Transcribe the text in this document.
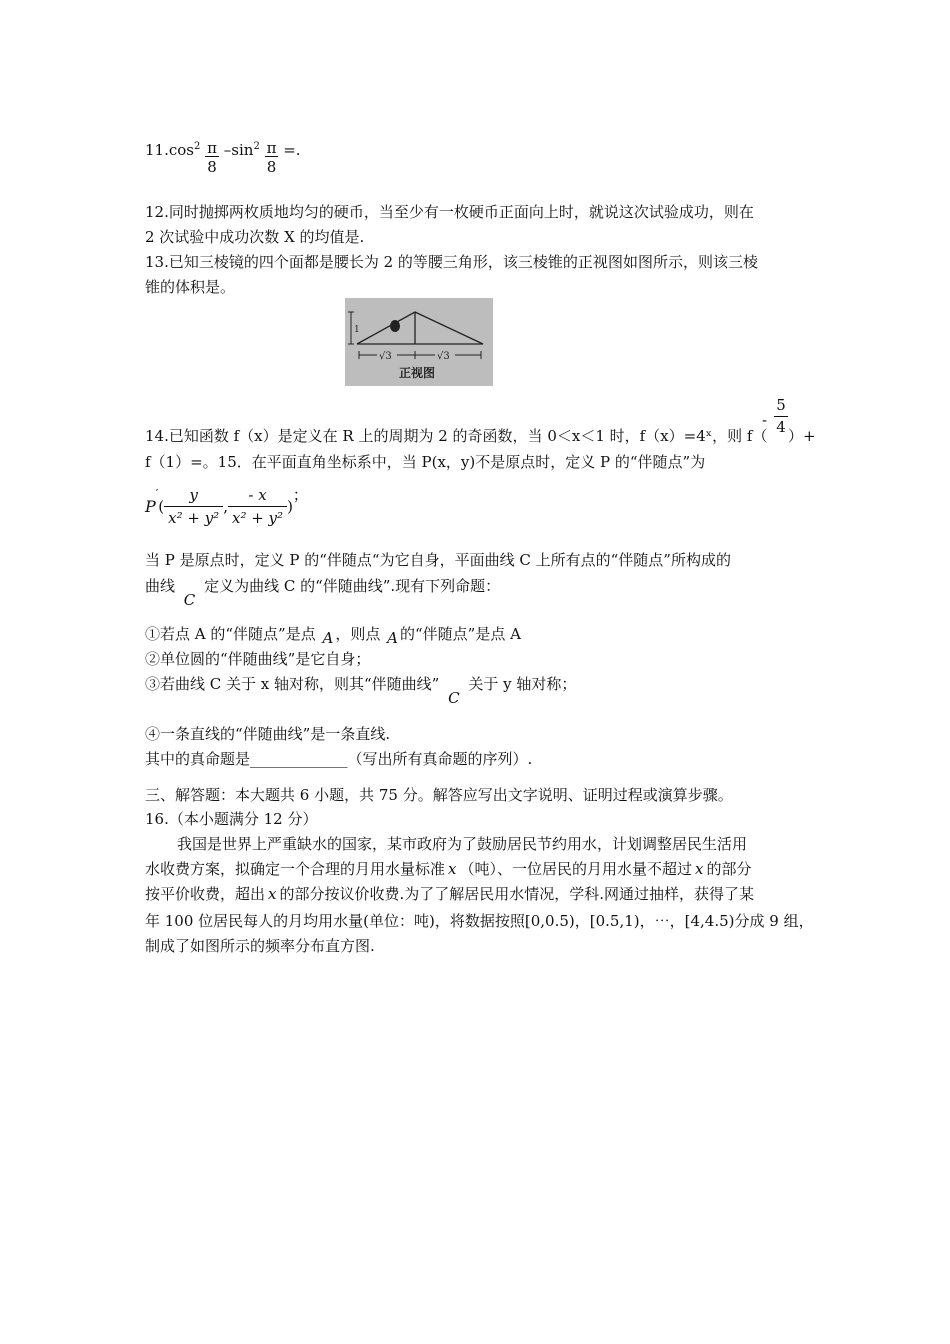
$11.\cos^2 \frac{\pi}{8} -\sin^2 \frac{\pi}{8}$ =.
12.同时抛掷两枚质地均匀的硬币，当至少有一枚硬币正面向上时，就说这次试验成功，则在
2 次试验中成功次数 X 的均值是.
13.已知三棱镜的四个面都是腰长为 2 的等腰三角形，该三棱锥的正视图如图所示，则该三棱
锥的体积是。
1
√3	√3
正视图
14.已知函数 f（x）是定义在 R 上的周期为 2 的奇函数，当 0＜x＜1 时，f（x）=4ˣ，则 f（
- $\frac{5}{4}$
）+
f（1）=。15．在平面直角坐标系中，当 P(x，y)不是原点时，定义 P 的“伴随点”为
$P'( \frac{y}{\text{x² + y²}}$ , $\frac{- x}{\text{x² + y²}}$ )；
当 P 是原点时，定义 P 的“伴随点“为它自身，平面曲线 C 上所有点的“伴随点”所构成的
曲线 C 定义为曲线 C 的“伴随曲线”.现有下列命题：
①若点 A 的“伴随点”是点 A ，则点 A 的“伴随点”是点 A
②单位圆的“伴随曲线”是它自身；
③若曲线 C 关于 x 轴对称，则其“伴随曲线” C 关于 y 轴对称；
④一条直线的“伴随曲线”是一条直线.
其中的真命题是_____________（写出所有真命题的序列）.
三、解答题：本大题共 6 小题，共 75 分。解答应写出文字说明、证明过程或演算步骤。
16.（本小题满分 12 分）
我国是世界上严重缺水的国家，某市政府为了鼓励居民节约用水，计划调整居民生活用
水收费方案，拟确定一个合理的月用水量标准 x （吨）、一位居民的月用水量不超过 x 的部分
按平价收费，超出 x 的部分按议价收费.为了了解居民用水情况，学科.网通过抽样，获得了某
年 100 位居民每人的月均用水量(单位：吨)，将数据按照[0,0.5)，[0.5,1)，⋯，[4,4.5)分成 9 组，
制成了如图所示的频率分布直方图.
